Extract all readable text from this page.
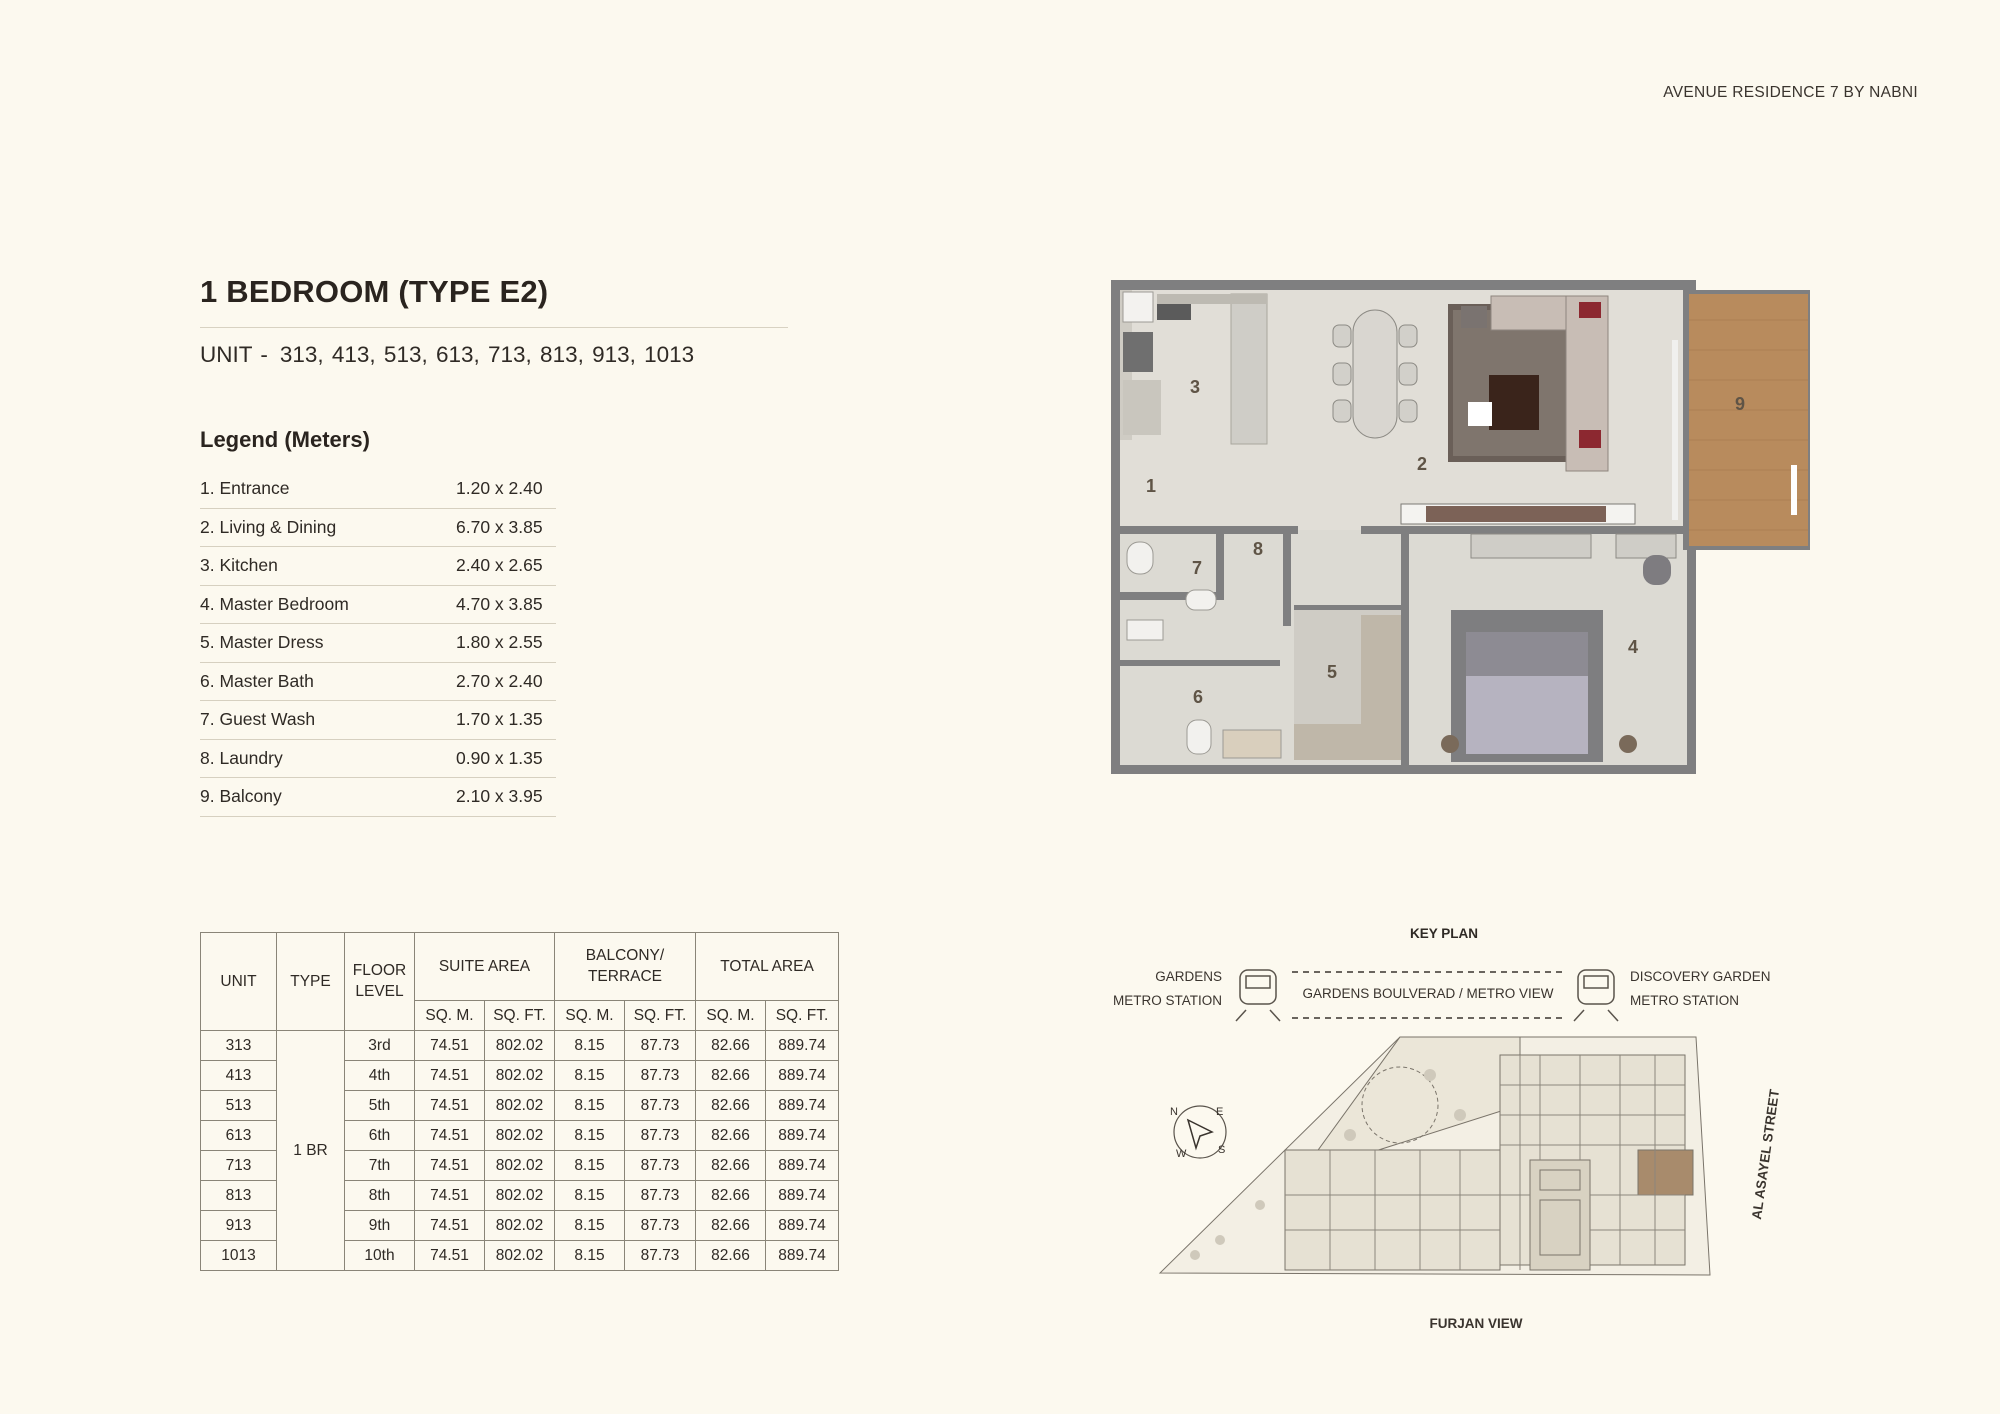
AVENUE RESIDENCE 7 BY NABNI
1 BEDROOM (TYPE E2)
UNIT - 313, 413, 513, 613, 713, 813, 913, 1013
Legend (Meters)
1. Entrance	1.20 x 2.40
2. Living & Dining	6.70 x 3.85
3. Kitchen	2.40 x 2.65
4. Master Bedroom	4.70 x 3.85
5. Master Dress	1.80 x 2.55
6. Master Bath	2.70 x 2.40
7. Guest Wash	1.70 x 1.35
8. Laundry	0.90 x 1.35
9. Balcony	2.10 x 3.95
1
2
3
4
5
6
7
8
9
UNIT	TYPE	FLOOR LEVEL	SUITE AREA		BALCONY/ TERRACE		TOTAL AREA	
			SQ. M.	SQ. FT.	SQ. M.	SQ. FT.	SQ. M.	SQ. FT.
313	1 BR	3rd	74.51	802.02	8.15	87.73	82.66	889.74
413		4th	74.51	802.02	8.15	87.73	82.66	889.74
513		5th	74.51	802.02	8.15	87.73	82.66	889.74
613		6th	74.51	802.02	8.15	87.73	82.66	889.74
713		7th	74.51	802.02	8.15	87.73	82.66	889.74
813		8th	74.51	802.02	8.15	87.73	82.66	889.74
913		9th	74.51	802.02	8.15	87.73	82.66	889.74
1013		10th	74.51	802.02	8.15	87.73	82.66	889.74
KEY PLAN
GARDENS
METRO STATION	GARDENS BOULVERAD / METRO VIEW
DISCOVERY GARDEN
METRO STATION
FURJAN VIEW
AL ASAYEL STREET
N	E
S
W
